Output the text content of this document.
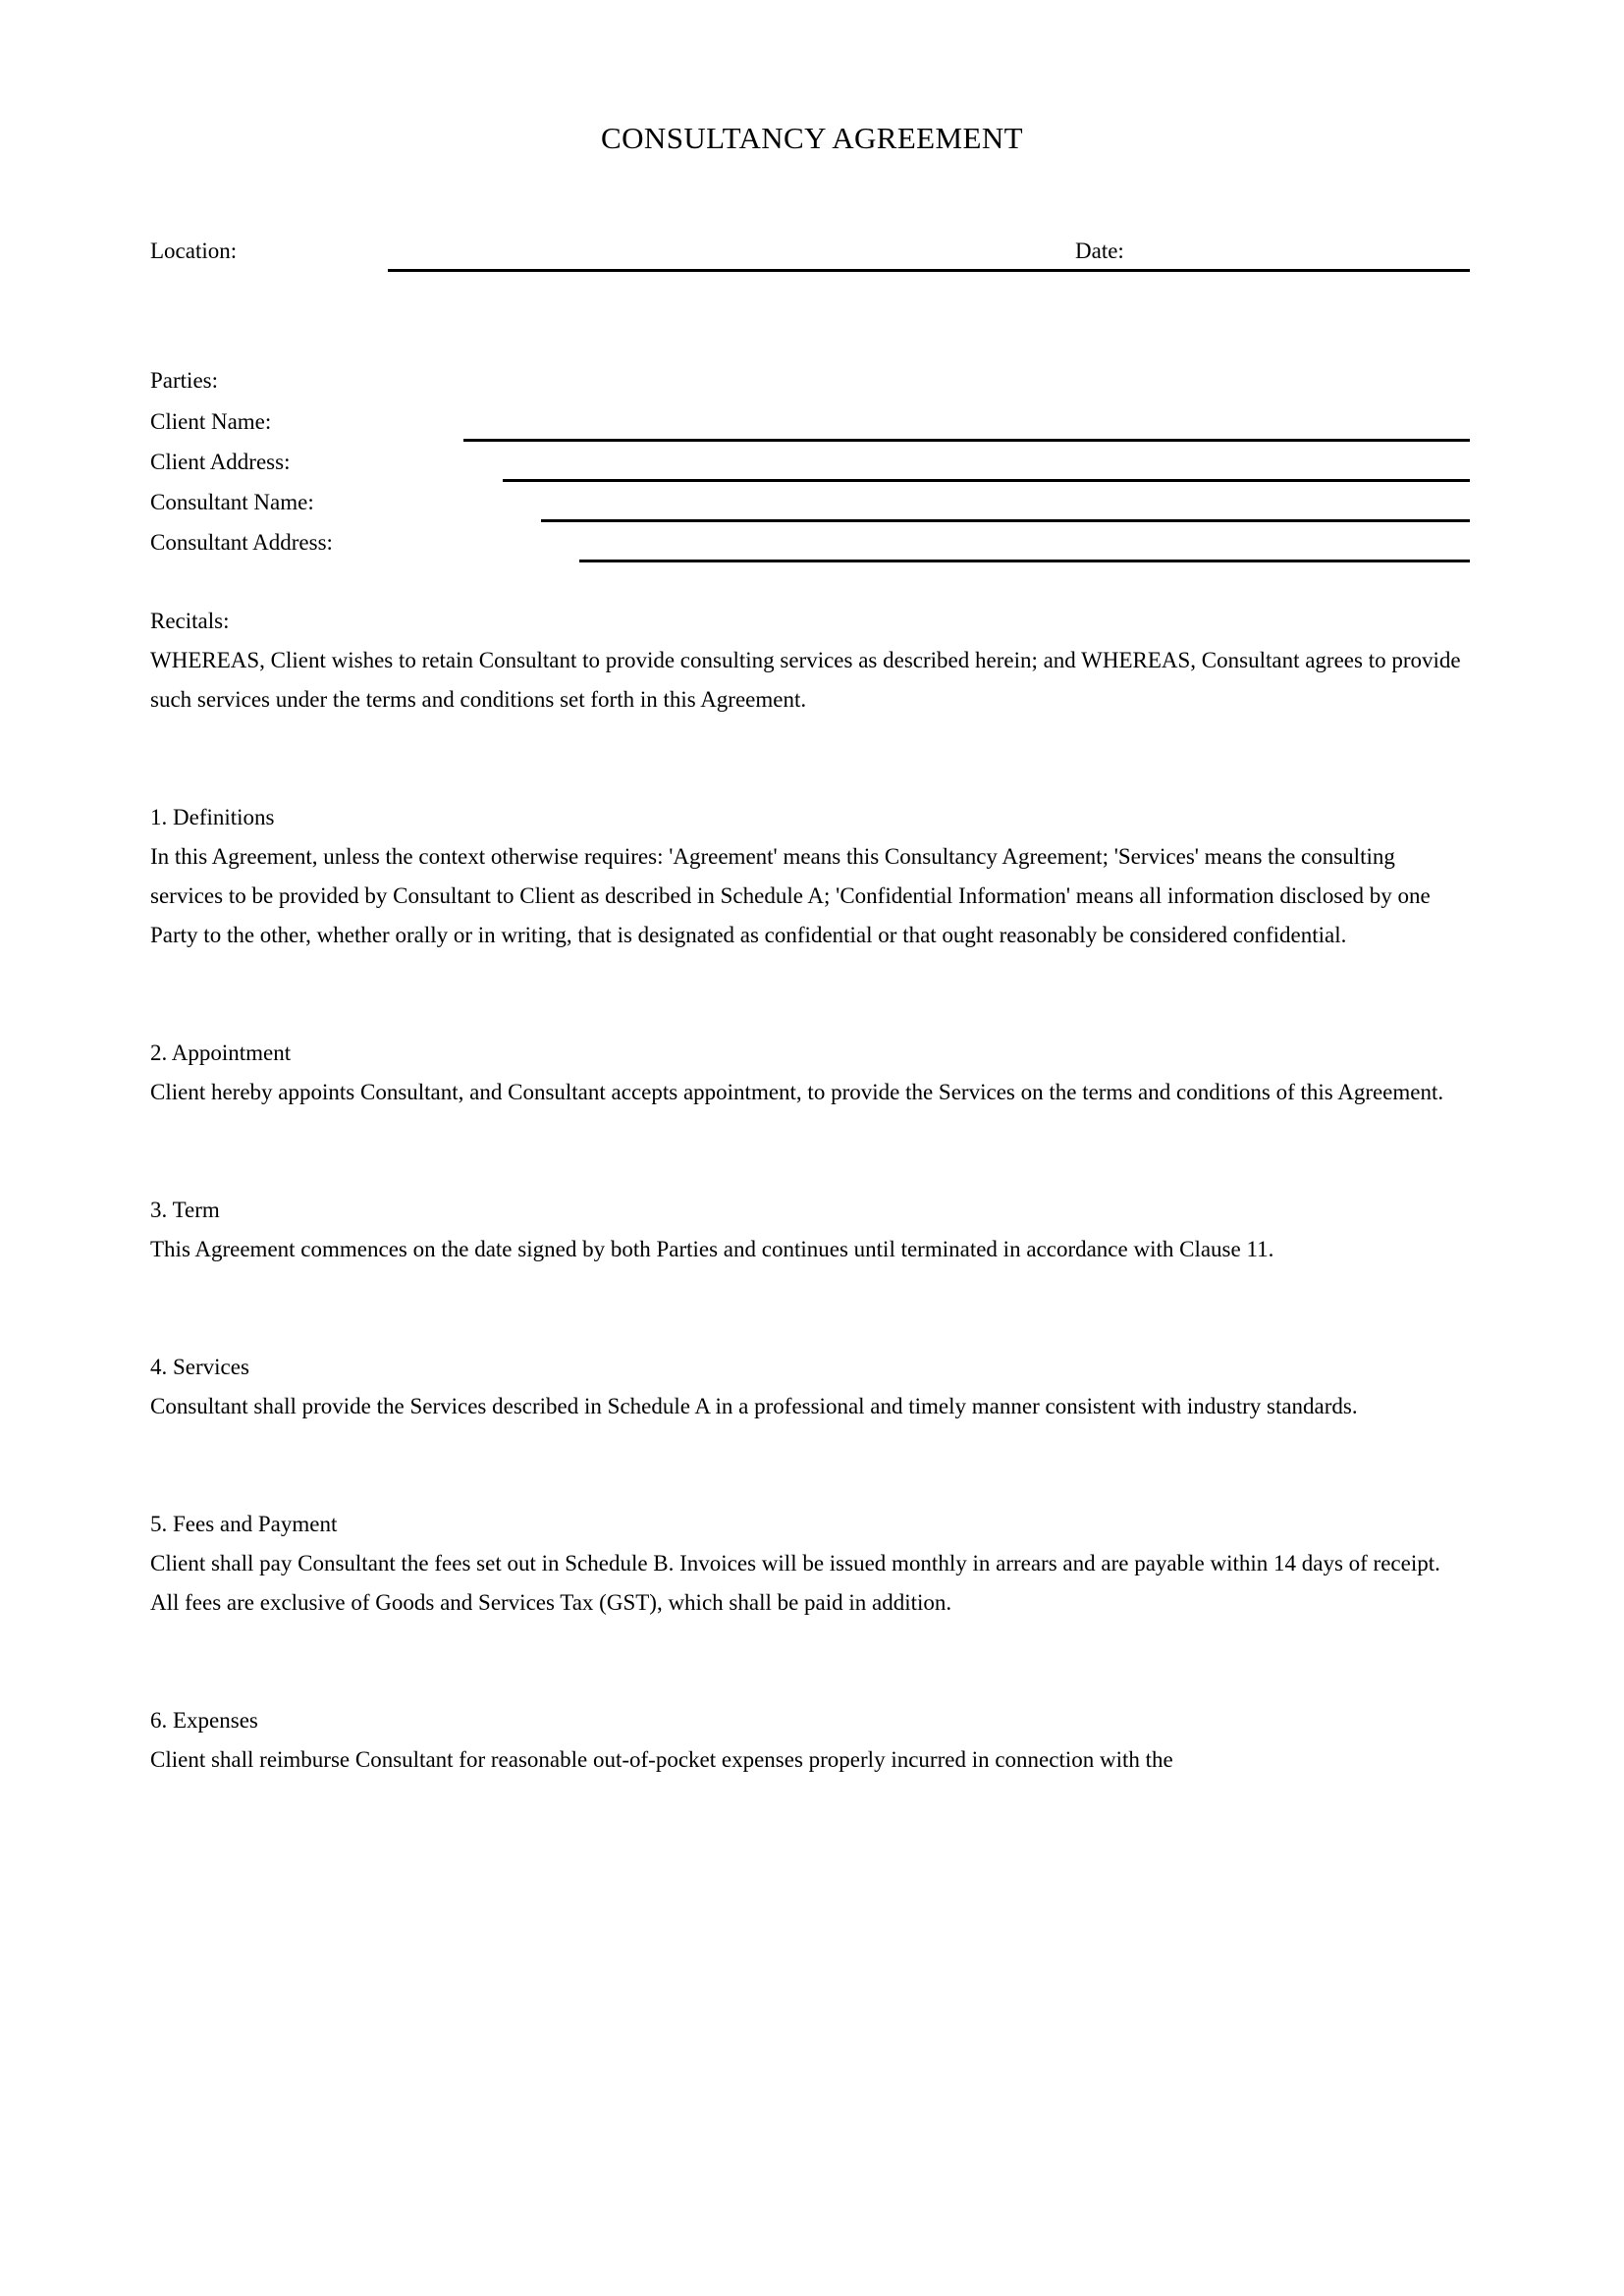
CONSULTANCY AGREEMENT
Location:	Date:
Parties:
Client Name:
Client Address:
Consultant Name:
Consultant Address:
Recitals:
WHEREAS, Client wishes to retain Consultant to provide consulting services as described herein; and WHEREAS, Consultant agrees to provide such services under the terms and conditions set forth in this Agreement.
1. Definitions
In this Agreement, unless the context otherwise requires: 'Agreement' means this Consultancy Agreement; 'Services' means the consulting services to be provided by Consultant to Client as described in Schedule A; 'Confidential Information' means all information disclosed by one Party to the other, whether orally or in writing, that is designated as confidential or that ought reasonably be considered confidential.
2. Appointment
Client hereby appoints Consultant, and Consultant accepts appointment, to provide the Services on the terms and conditions of this Agreement.
3. Term
This Agreement commences on the date signed by both Parties and continues until terminated in accordance with Clause 11.
4. Services
Consultant shall provide the Services described in Schedule A in a professional and timely manner consistent with industry standards.
5. Fees and Payment
Client shall pay Consultant the fees set out in Schedule B. Invoices will be issued monthly in arrears and are payable within 14 days of receipt. All fees are exclusive of Goods and Services Tax (GST), which shall be paid in addition.
6. Expenses
Client shall reimburse Consultant for reasonable out-of-pocket expenses properly incurred in connection with the
